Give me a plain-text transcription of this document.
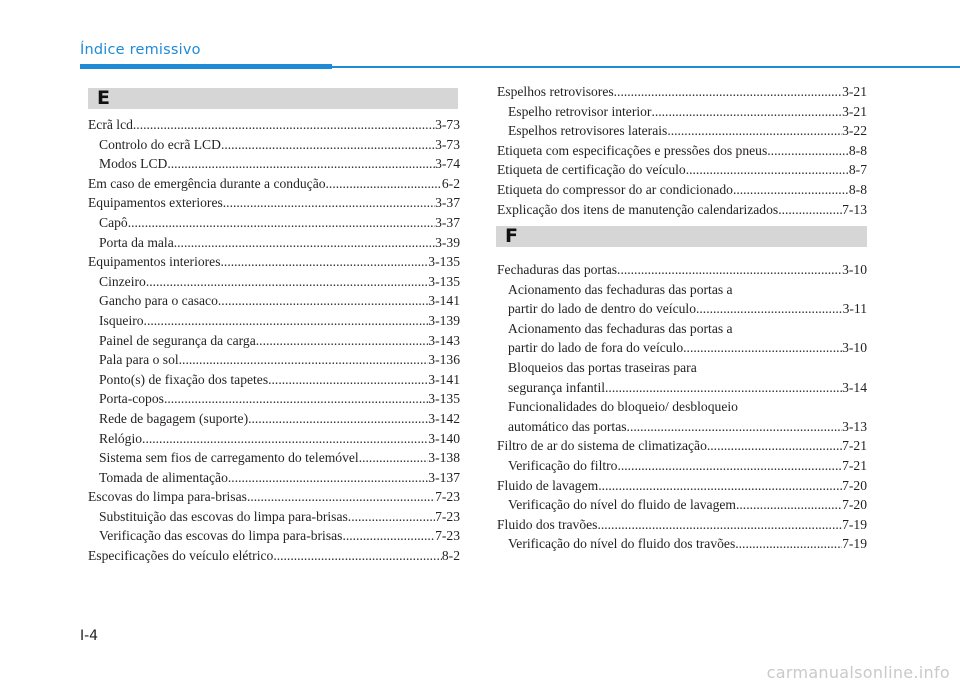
Índice remissivo
E
F
Ecrã lcd .....	3-73
Controlo do ecrã LCD .....	3-73
Modos LCD .....	3-74
Em caso de emergência durante a condução .....	6-2
Equipamentos exteriores .....	3-37
Capô .....	3-37
Porta da mala .....	3-39
Equipamentos interiores .....	3-135
Cinzeiro .....	3-135
Gancho para o casaco .....	3-141
Isqueiro .....	3-139
Painel de segurança da carga .....	3-143
Pala para o sol .....	3-136
Ponto(s) de fixação dos tapetes .....	3-141
Porta-copos .....	3-135
Rede de bagagem (suporte) .....	3-142
Relógio .....	3-140
Sistema sem fios de carregamento do telemóvel .....	3-138
Tomada de alimentação .....	3-137
Escovas do limpa para-brisas .....	7-23
Substituição das escovas do limpa para-brisas .....	7-23
Verificação das escovas do limpa para-brisas .....	7-23
Especificações do veículo elétrico .....	8-2
Espelhos retrovisores .....	3-21
Espelho retrovisor interior .....	3-21
Espelhos retrovisores laterais .....	3-22
Etiqueta com especificações e pressões dos pneus .....	8-8
Etiqueta de certificação do veículo .....	8-7
Etiqueta do compressor do ar condicionado .....	8-8
Explicação dos itens de manutenção calendarizados .....	7-13
Fechaduras das portas .....	3-10
Acionamento das fechaduras das portas a
partir do lado de dentro do veículo .....	3-11
Acionamento das fechaduras das portas a
partir do lado de fora do veículo .....	3-10
Bloqueios das portas traseiras para
segurança infantil .....	3-14
Funcionalidades do bloqueio/ desbloqueio
automático das portas .....	3-13
Filtro de ar do sistema de climatização .....	7-21
Verificação do filtro .....	7-21
Fluido de lavagem .....	7-20
Verificação do nível do fluido de lavagem .....	7-20
Fluido dos travões .....	7-19
Verificação do nível do fluido dos travões .....	7-19
I-4
carmanualsonline.info
